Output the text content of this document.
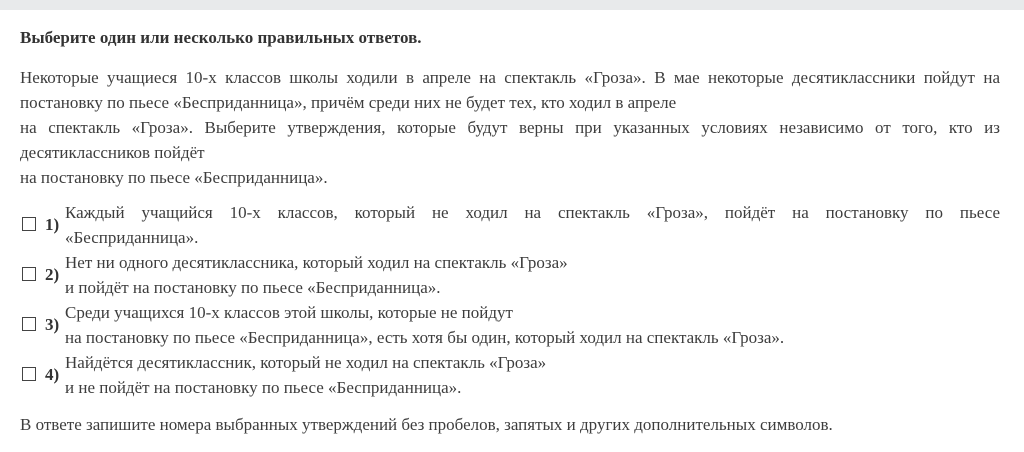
Выберите один или несколько правильных ответов.
Некоторые учащиеся 10-х классов школы ходили в апреле на спектакль «Гроза». В мае некоторые десятиклассники пойдут на
постановку по пьесе «Бесприданница», причём среди них не будет тех, кто ходил в апреле
на спектакль «Гроза». Выберите утверждения, которые будут верны при указанных условиях независимо от того, кто из
десятиклассников пойдёт
на постановку по пьесе «Бесприданница».
1)
Каждый учащийся 10-х классов, который не ходил на спектакль «Гроза», пойдёт на постановку по пьесе
«Бесприданница».
2)
Нет ни одного десятиклассника, который ходил на спектакль «Гроза»
и пойдёт на постановку по пьесе «Бесприданница».
3)
Среди учащихся 10-х классов этой школы, которые не пойдут
на постановку по пьесе «Бесприданница», есть хотя бы один, который ходил на спектакль «Гроза».
4)
Найдётся десятиклассник, который не ходил на спектакль «Гроза»
и не пойдёт на постановку по пьесе «Бесприданница».
В ответе запишите номера выбранных утверждений без пробелов, запятых и других дополнительных символов.
